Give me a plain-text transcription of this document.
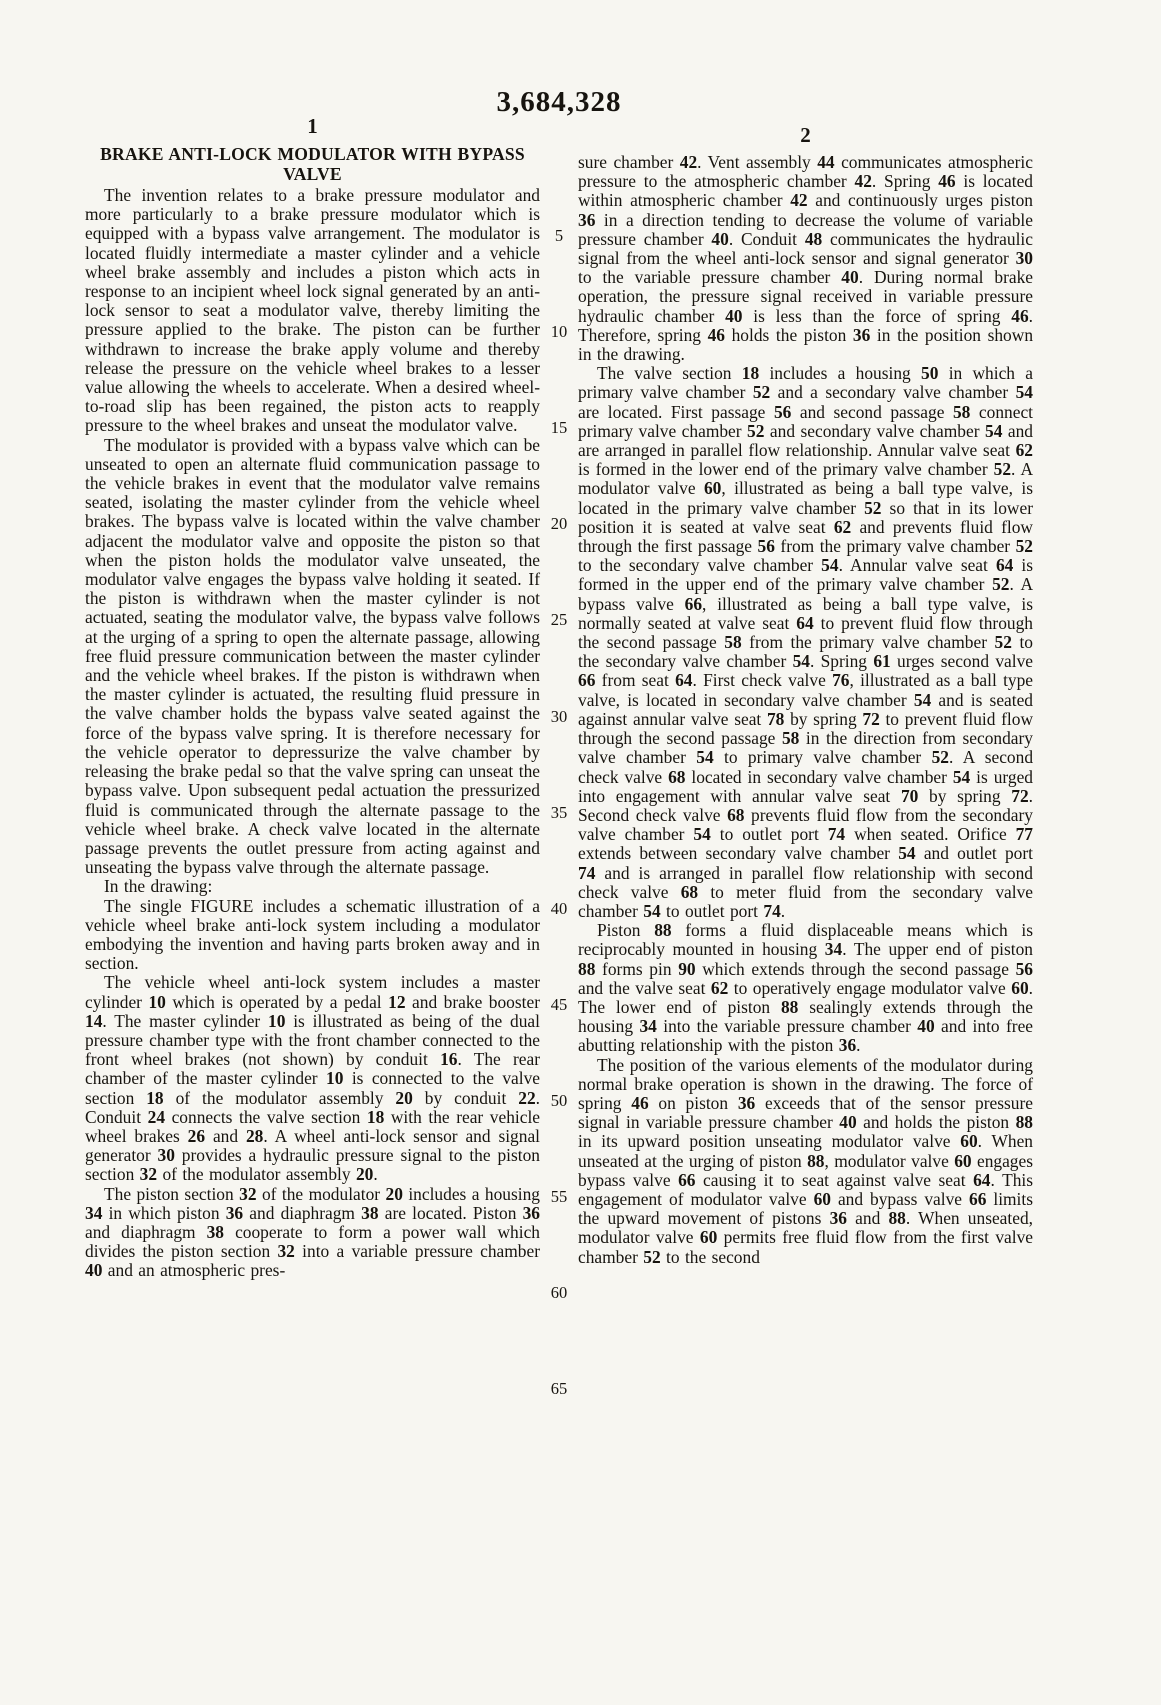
3,684,328
1	2
BRAKE ANTI-LOCK MODULATOR WITH BYPASS
VALVE

The invention relates to a brake pressure modulator and more particularly to a brake pressure modulator which is equipped with a bypass valve arrangement. The modulator is located fluidly intermediate a master cylinder and a vehicle wheel brake assembly and includes a piston which acts in response to an incipient wheel lock signal generated by an anti-lock sensor to seat a modulator valve, thereby limiting the pressure applied to the brake. The piston can be further withdrawn to increase the brake apply volume and thereby release the pressure on the vehicle wheel brakes to a lesser value allowing the wheels to accelerate. When a desired wheel-to-road slip has been regained, the piston acts to reapply pressure to the wheel brakes and unseat the modulator valve.

The modulator is provided with a bypass valve which can be unseated to open an alternate fluid communication passage to the vehicle brakes in event that the modulator valve remains seated, isolating the master cylinder from the vehicle wheel brakes. The bypass valve is located within the valve chamber adjacent the modulator valve and opposite the piston so that when the piston holds the modulator valve unseated, the modulator valve engages the bypass valve holding it seated. If the piston is withdrawn when the master cylinder is not actuated, seating the modulator valve, the bypass valve follows at the urging of a spring to open the alternate passage, allowing free fluid pressure communication between the master cylinder and the vehicle wheel brakes. If the piston is withdrawn when the master cylinder is actuated, the resulting fluid pressure in the valve chamber holds the bypass valve seated against the force of the bypass valve spring. It is therefore necessary for the vehicle operator to depressurize the valve chamber by releasing the brake pedal so that the valve spring can unseat the bypass valve. Upon subsequent pedal actuation the pressurized fluid is communicated through the alternate passage to the vehicle wheel brake. A check valve located in the alternate passage prevents the outlet pressure from acting against and unseating the bypass valve through the alternate passage.

In the drawing:

The single FIGURE includes a schematic illustration of a vehicle wheel brake anti-lock system including a modulator embodying the invention and having parts broken away and in section.

The vehicle wheel anti-lock system includes a master cylinder 10 which is operated by a pedal 12 and brake booster 14. The master cylinder 10 is illustrated as being of the dual pressure chamber type with the front chamber connected to the front wheel brakes (not shown) by conduit 16. The rear chamber of the master cylinder 10 is connected to the valve section 18 of the modulator assembly 20 by conduit 22. Conduit 24 connects the valve section 18 with the rear vehicle wheel brakes 26 and 28. A wheel anti-lock sensor and signal generator 30 provides a hydraulic pressure signal to the piston section 32 of the modulator assembly 20.

The piston section 32 of the modulator 20 includes a housing 34 in which piston 36 and diaphragm 38 are located. Piston 36 and diaphragm 38 cooperate to form a power wall which divides the piston section 32 into a variable pressure chamber 40 and an atmospheric pres-

sure chamber 42. Vent assembly 44 communicates atmospheric pressure to the atmospheric chamber 42. Spring 46 is located within atmospheric chamber 42 and continuously urges piston 36 in a direction tending to decrease the volume of variable pressure chamber 40. Conduit 48 communicates the hydraulic signal from the wheel anti-lock sensor and signal generator 30 to the variable pressure chamber 40. During normal brake operation, the pressure signal received in variable pressure hydraulic chamber 40 is less than the force of spring 46. Therefore, spring 46 holds the piston 36 in the position shown in the drawing.

The valve section 18 includes a housing 50 in which a primary valve chamber 52 and a secondary valve chamber 54 are located. First passage 56 and second passage 58 connect primary valve chamber 52 and secondary valve chamber 54 and are arranged in parallel flow relationship. Annular valve seat 62 is formed in the lower end of the primary valve chamber 52. A modulator valve 60, illustrated as being a ball type valve, is located in the primary valve chamber 52 so that in its lower position it is seated at valve seat 62 and prevents fluid flow through the first passage 56 from the primary valve chamber 52 to the secondary valve chamber 54. Annular valve seat 64 is formed in the upper end of the primary valve chamber 52. A bypass valve 66, illustrated as being a ball type valve, is normally seated at valve seat 64 to prevent fluid flow through the second passage 58 from the primary valve chamber 52 to the secondary valve chamber 54. Spring 61 urges second valve 66 from seat 64. First check valve 76, illustrated as a ball type valve, is located in secondary valve chamber 54 and is seated against annular valve seat 78 by spring 72 to prevent fluid flow through the second passage 58 in the direction from secondary valve chamber 54 to primary valve chamber 52. A second check valve 68 located in secondary valve chamber 54 is urged into engagement with annular valve seat 70 by spring 72. Second check valve 68 prevents fluid flow from the secondary valve chamber 54 to outlet port 74 when seated. Orifice 77 extends between secondary valve chamber 54 and outlet port 74 and is arranged in parallel flow relationship with second check valve 68 to meter fluid from the secondary valve chamber 54 to outlet port 74.

Piston 88 forms a fluid displaceable means which is reciprocably mounted in housing 34. The upper end of piston 88 forms pin 90 which extends through the second passage 56 and the valve seat 62 to operatively engage modulator valve 60. The lower end of piston 88 sealingly extends through the housing 34 into the variable pressure chamber 40 and into free abutting relationship with the piston 36.

The position of the various elements of the modulator during normal brake operation is shown in the drawing. The force of spring 46 on piston 36 exceeds that of the sensor pressure signal in variable pressure chamber 40 and holds the piston 88 in its upward position unseating modulator valve 60. When unseated at the urging of piston 88, modulator valve 60 engages bypass valve 66 causing it to seat against valve seat 64. This engagement of modulator valve 60 and bypass valve 66 limits the upward movement of pistons 36 and 88. When unseated, modulator valve 60 permits free fluid flow from the first valve chamber 52 to the second

5
10
15
20
25
30
35
40
45
50
55
60
65
